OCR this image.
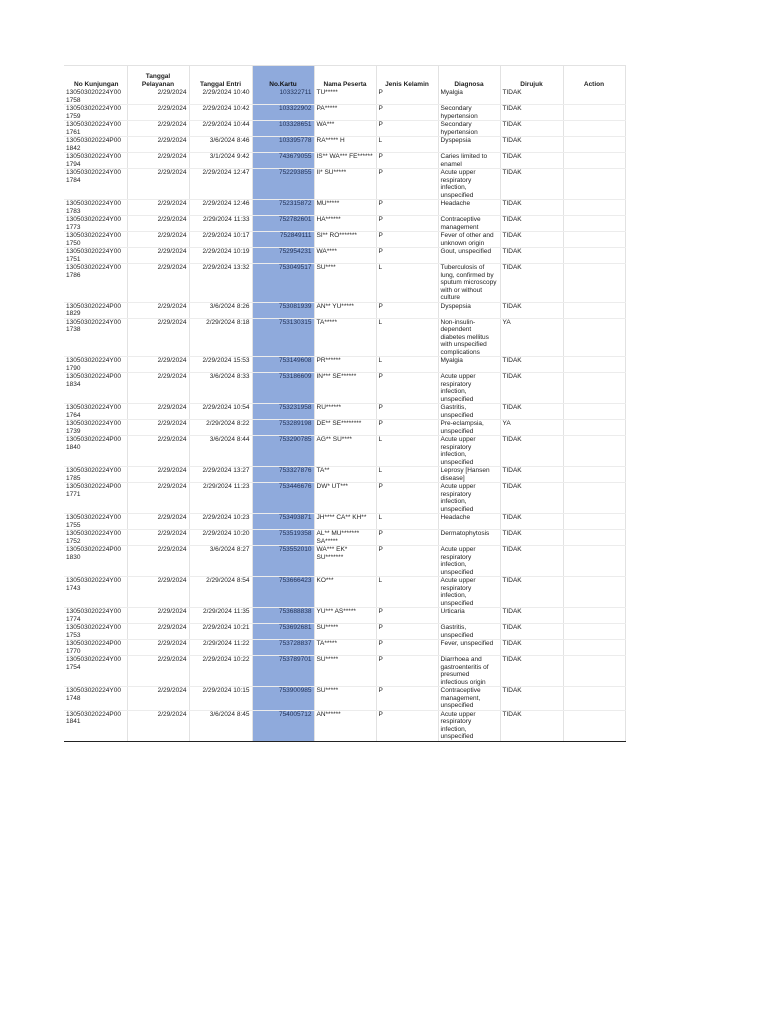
No Kunjungan	Tanggal Pelayanan	Tanggal Entri	No.Kartu	Nama Peserta	Jenis Kelamin	Diagnosa	Dirujuk	Action
130503020224Y00 1758	2/29/2024	2/29/2024 10:40	103322711	TU*****	P	Myalgia	TIDAK	
130503020224Y00 1759	2/29/2024	2/29/2024 10:42	103322902	PA*****	P	Secondary hypertension	TIDAK	
130503020224Y00 1761	2/29/2024	2/29/2024 10:44	103328651	WA***	P	Secondary hypertension	TIDAK	
130503020224P00 1842	2/29/2024	3/6/2024 8:46	103395778	RA***** H	L	Dyspepsia	TIDAK	
130503020224Y00 1794	2/29/2024	3/1/2024 9:42	743679055	IS** WA*** FE******	P	Caries limited to enamel	TIDAK	
130503020224Y00 1784	2/29/2024	2/29/2024 12:47	752293855	II* SU*****	P	Acute upper respiratory infection, unspecified	TIDAK	
130503020224Y00 1783	2/29/2024	2/29/2024 12:46	752315872	MU*****	P	Headache	TIDAK	
130503020224Y00 1773	2/29/2024	2/29/2024 11:33	752782601	HA******	P	Contraceptive management	TIDAK	
130503020224Y00 1750	2/29/2024	2/29/2024 10:17	752849111	SI** RO*******	P	Fever of other and unknown origin	TIDAK	
130503020224Y00 1751	2/29/2024	2/29/2024 10:19	752954231	WA****	P	Gout, unspecified	TIDAK	
130503020224Y00 1786	2/29/2024	2/29/2024 13:32	753049517	SU****	L	Tuberculosis of lung, confirmed by sputum microscopy with or without culture	TIDAK	
130503020224P00 1829	2/29/2024	3/6/2024 8:26	753081939	AN** YU*****	P	Dyspepsia	TIDAK	
130503020224Y00 1738	2/29/2024	2/29/2024 8:18	753130315	TA*****	L	Non-insulin-dependent diabetes mellitus with unspecified complications	YA	
130503020224Y00 1790	2/29/2024	2/29/2024 15:53	753149608	PR******	L	Myalgia	TIDAK	
130503020224P00 1834	2/29/2024	3/6/2024 8:33	753186609	IN*** SE******	P	Acute upper respiratory infection, unspecified	TIDAK	
130503020224Y00 1764	2/29/2024	2/29/2024 10:54	753231958	RU******	P	Gastritis, unspecified	TIDAK	
130503020224Y00 1739	2/29/2024	2/29/2024 8:22	753289198	DE** SE********	P	Pre-eclampsia, unspecified	YA	
130503020224P00 1840	2/29/2024	3/6/2024 8:44	753290785	AG** SU****	L	Acute upper respiratory infection, unspecified	TIDAK	
130503020224Y00 1785	2/29/2024	2/29/2024 13:27	753327876	TA**	L	Leprosy [Hansen disease]	TIDAK	
130503020224P00 1771	2/29/2024	2/29/2024 11:23	753446676	DW* UT***	P	Acute upper respiratory infection, unspecified	TIDAK	
130503020224Y00 1755	2/29/2024	2/29/2024 10:23	753493871	JH**** CA** KH**	L	Headache	TIDAK	
130503020224Y00 1752	2/29/2024	2/29/2024 10:20	753519358	AL** MU******* SA*****	P	Dermatophytosis	TIDAK	
130503020224P00 1830	2/29/2024	3/6/2024 8:27	753552010	WA*** EK* SU*******	P	Acute upper respiratory infection, unspecified	TIDAK	
130503020224Y00 1743	2/29/2024	2/29/2024 8:54	753666423	KO***	L	Acute upper respiratory infection, unspecified	TIDAK	
130503020224Y00 1774	2/29/2024	2/29/2024 11:35	753688838	YU*** AS*****	P	Urticaria	TIDAK	
130503020224Y00 1753	2/29/2024	2/29/2024 10:21	753692681	SU*****	P	Gastritis, unspecified	TIDAK	
130503020224P00 1770	2/29/2024	2/29/2024 11:22	753728837	TA*****	P	Fever, unspecified	TIDAK	
130503020224Y00 1754	2/29/2024	2/29/2024 10:22	753789701	SU*****	P	Diarrhoea and gastroenteritis of presumed infectious origin	TIDAK	
130503020224Y00 1748	2/29/2024	2/29/2024 10:15	753900985	SU*****	P	Contraceptive management, unspecified	TIDAK	
130503020224P00 1841	2/29/2024	3/6/2024 8:45	754005712	AN******	P	Acute upper respiratory infection, unspecified	TIDAK	
